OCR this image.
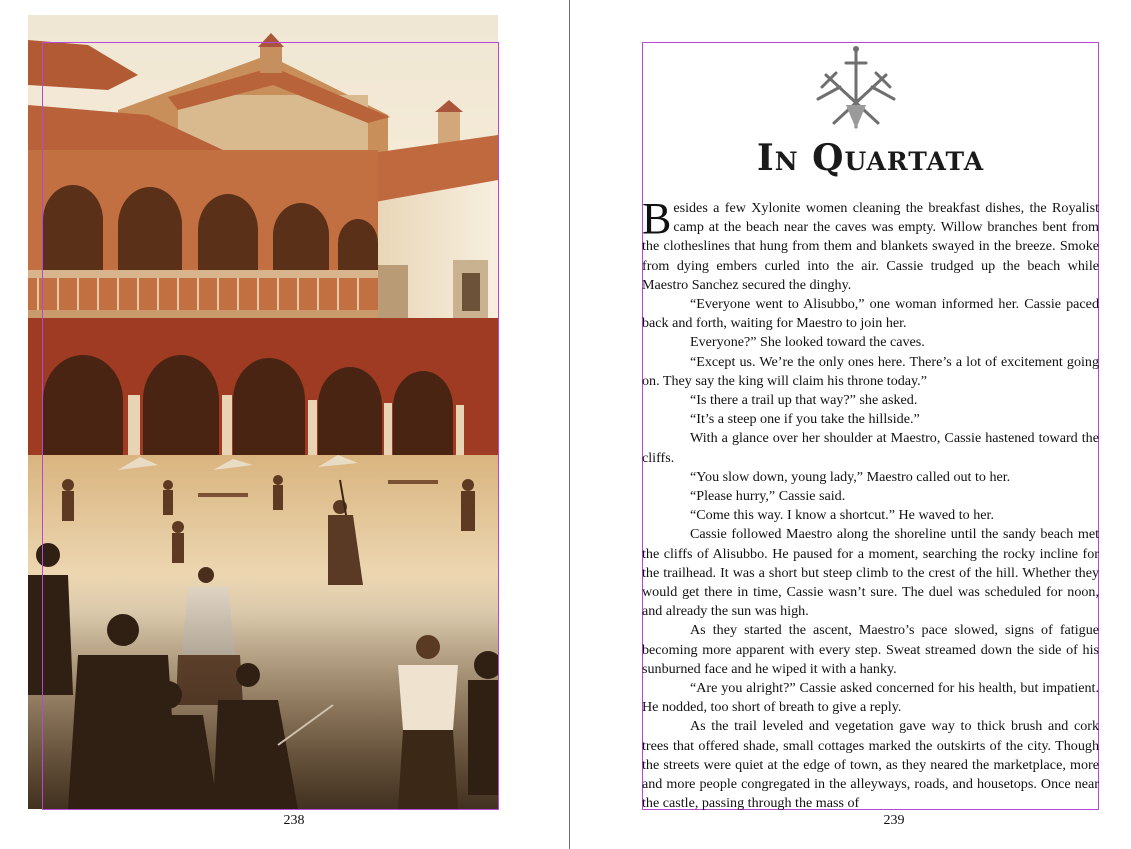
238
In Quartata

Besides a few Xylonite women cleaning the breakfast dishes, the Royalist camp at the beach near the caves was empty. Willow branches bent from the clotheslines that hung from them and blankets swayed in the breeze. Smoke from dying embers curled into the air. Cassie trudged up the beach while Maestro Sanchez secured the dinghy.

“Everyone went to Alisubbo,” one woman informed her. Cassie paced back and forth, waiting for Maestro to join her.

Everyone?” She looked toward the caves.

“Except us. We’re the only ones here. There’s a lot of excitement going on. They say the king will claim his throne today.”

“Is there a trail up that way?” she asked.

“It’s a steep one if you take the hillside.”

With a glance over her shoulder at Maestro, Cassie hastened toward the cliffs.

“You slow down, young lady,” Maestro called out to her.

“Please hurry,” Cassie said.

“Come this way. I know a shortcut.” He waved to her.

Cassie followed Maestro along the shoreline until the sandy beach met the cliffs of Alisubbo. He paused for a moment, searching the rocky incline for the trailhead. It was a short but steep climb to the crest of the hill. Whether they would get there in time, Cassie wasn’t sure. The duel was scheduled for noon, and already the sun was high.

As they started the ascent, Maestro’s pace slowed, signs of fatigue becoming more apparent with every step. Sweat streamed down the side of his sunburned face and he wiped it with a hanky.

“Are you alright?” Cassie asked concerned for his health, but impatient. He nodded, too short of breath to give a reply.

As the trail leveled and vegetation gave way to thick brush and cork trees that offered shade, small cottages marked the outskirts of the city. Though the streets were quiet at the edge of town, as they neared the marketplace, more and more people congregated in the alleyways, roads, and housetops. Once near the castle, passing through the mass of

239
